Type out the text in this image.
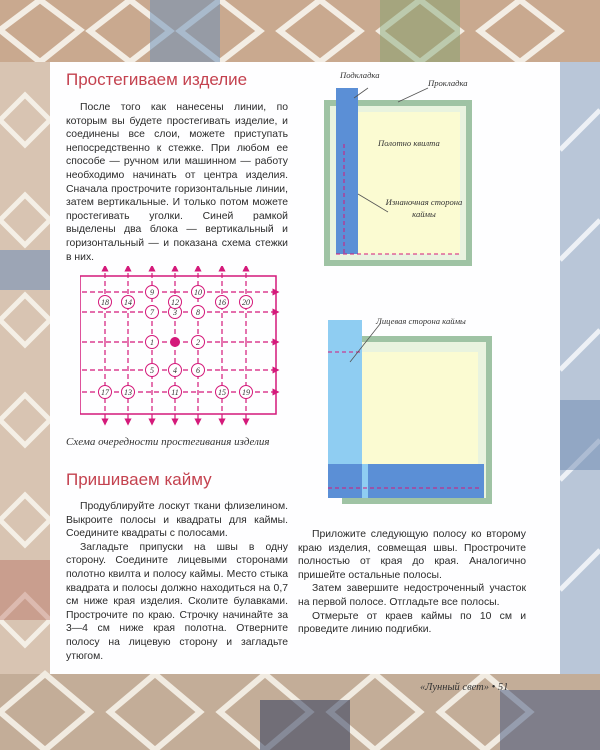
Простегиваем изделие

После того как нанесены линии, по которым вы будете простегивать изделие, и соединены все слои, можете приступать непосредственно к стежке. При любом ее способе — ручном или машинном — работу необходимо начинать от центра изделия. Сначала прострочите горизонтальные линии, затем вертикальные. И только потом можете простегивать уголки. Синей рамкой выделены два блока — вертикальный и горизонтальный — и показана схема стежки в них.

1	2
3
4
5	6
7	8
9	10
11
12
13
14
15
16
17
18
19
20
Схема очередности простегивания изделия
Пришиваем кайму

Продублируйте лоскут ткани флизелином. Выкроите полосы и квадраты для каймы. Соедините квадраты с полосами.

Загладьте припуски на швы в одну сторону. Соедините лицевыми сторонами полотно квилта и полосу каймы. Место стыка квадрата и полосы должно находиться на 0,7 см ниже края изделия. Сколите булавками. Прострочите по краю. Строчку начинайте за 3—4 см ниже края полотна. Отверните полосу на лицевую сторону и заглaдьте утюгом.

Приложите следующую полосу ко второму краю изделия, совмещая швы. Прострочите полностью от края до края. Аналогично пришейте остальные полосы.

Затем завершите недостроченный участок на первой полосе. Отгладьте все полосы.

Отмерьте от краев каймы по 10 см и проведите линию подгибки.

Подкладка
Прокладка
Полотно квилта
Изнаночная сторона каймы
Лицевая сторона каймы
«Лунный свет» • 51
